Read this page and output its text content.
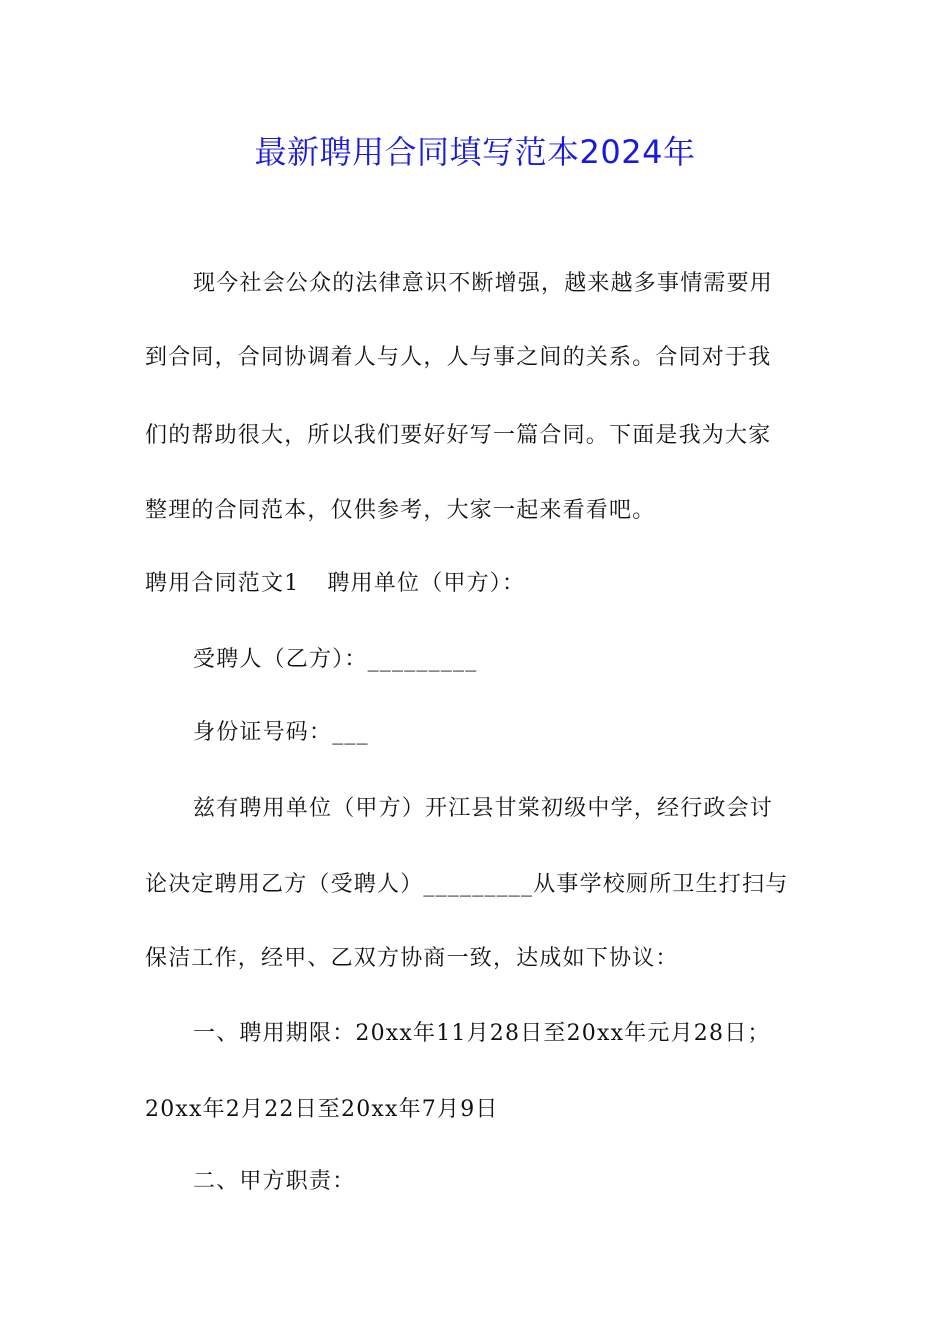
最新聘用合同填写范本2024年
现今社会公众的法律意识不断增强，越来越多事情需要用
到合同，合同协调着人与人，人与事之间的关系。合同对于我
们的帮助很大，所以我们要好好写一篇合同。下面是我为大家
整理的合同范本，仅供参考，大家一起来看看吧。
聘用合同范文1 聘用单位（甲方）：
受聘人（乙方）：_________
身份证号码：___
兹有聘用单位（甲方）开江县甘棠初级中学，经行政会讨
论决定聘用乙方（受聘人）_________从事学校厕所卫生打扫与
保洁工作，经甲、乙双方协商一致，达成如下协议：
一、聘用期限：20xx年11月28日至20xx年元月28日；
20xx年2月22日至20xx年7月9日
二、甲方职责：
